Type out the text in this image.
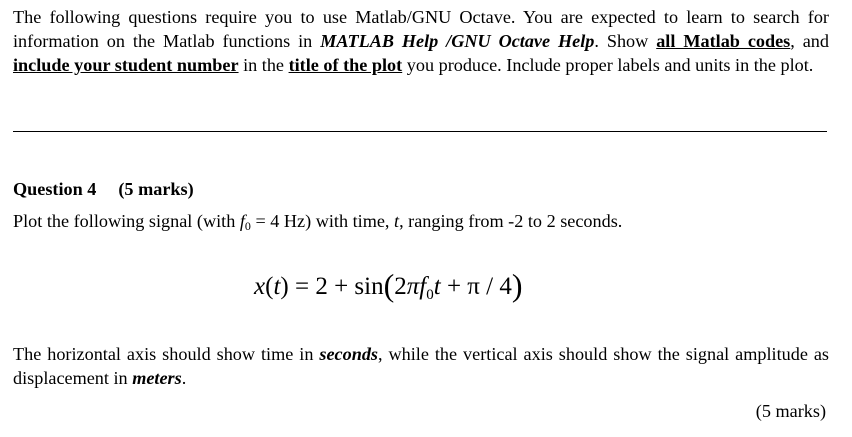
The following questions require you to use Matlab/GNU Octave. You are expected to learn to search for information on the Matlab functions in MATLAB Help /GNU Octave Help. Show all Matlab codes, and include your student number in the title of the plot you produce. Include proper labels and units in the plot.

Question 4 (5 marks)

Plot the following signal (with $f_0 = 4$ Hz) with time, t, ranging from -2 to 2 seconds.

$x(t) = 2 + \sin(2\pi f_0t + \pi / 4)$

The horizontal axis should show time in seconds, while the vertical axis should show the signal amplitude as displacement in meters.

(5 marks)
